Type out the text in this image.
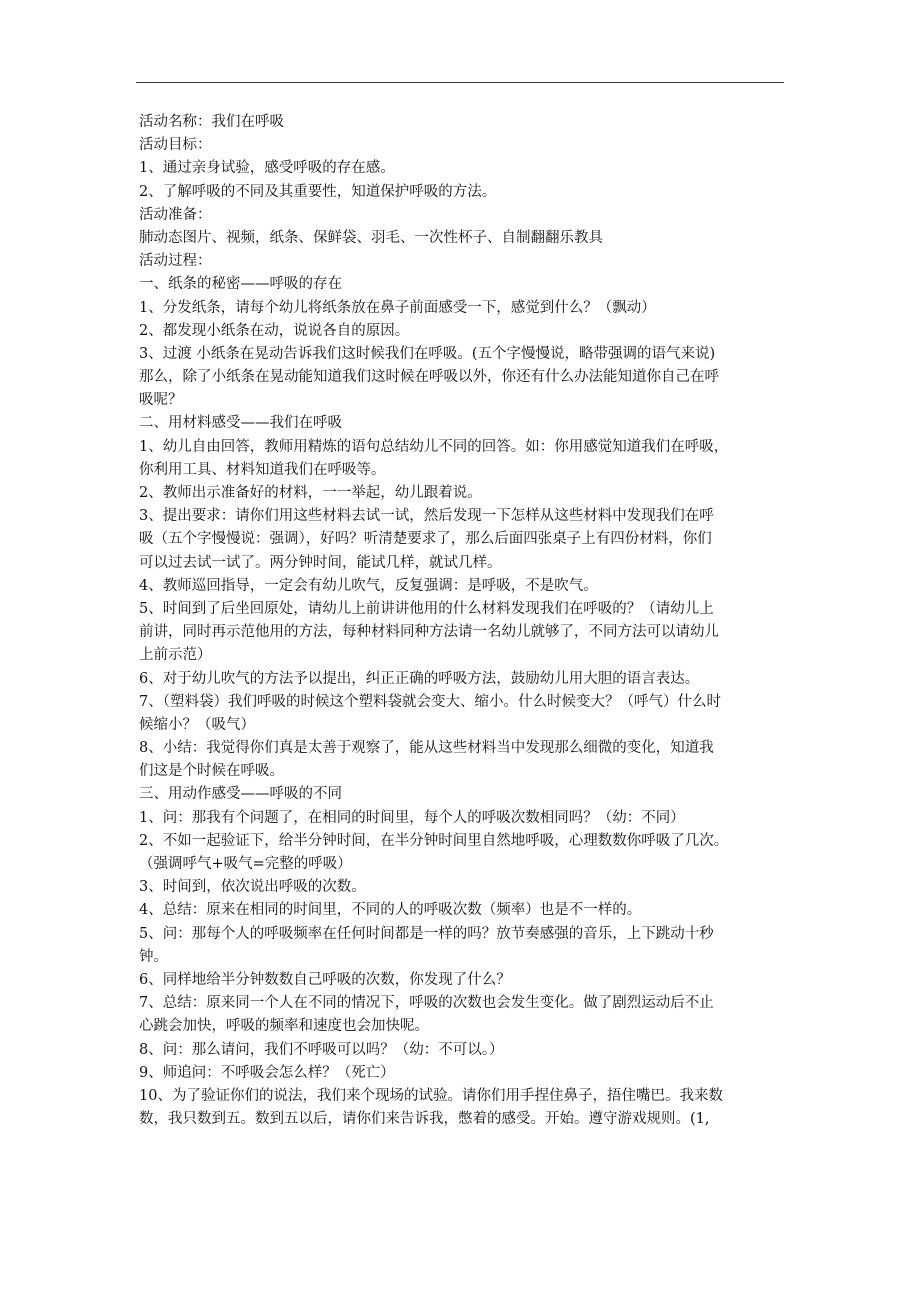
活动名称：我们在呼吸
活动目标：
1、通过亲身试验，感受呼吸的存在感。
2、了解呼吸的不同及其重要性，知道保护呼吸的方法。
活动准备：
肺动态图片、视频，纸条、保鲜袋、羽毛、一次性杯子、自制翻翻乐教具
活动过程：
一、纸条的秘密——呼吸的存在
1、分发纸条，请每个幼儿将纸条放在鼻子前面感受一下，感觉到什么？（飘动）
2、都发现小纸条在动，说说各自的原因。
3、过渡 小纸条在晃动告诉我们这时候我们在呼吸。(五个字慢慢说，略带强调的语气来说)
那么，除了小纸条在晃动能知道我们这时候在呼吸以外，你还有什么办法能知道你自己在呼
吸呢？
二、用材料感受——我们在呼吸
1、幼儿自由回答，教师用精炼的语句总结幼儿不同的回答。如：你用感觉知道我们在呼吸，
你利用工具、材料知道我们在呼吸等。
2、教师出示准备好的材料，一一举起，幼儿跟着说。
3、提出要求：请你们用这些材料去试一试，然后发现一下怎样从这些材料中发现我们在呼
吸（五个字慢慢说：强调），好吗？听清楚要求了，那么后面四张桌子上有四份材料，你们
可以过去试一试了。两分钟时间，能试几样，就试几样。
4、教师巡回指导，一定会有幼儿吹气，反复强调：是呼吸，不是吹气。
5、时间到了后坐回原处，请幼儿上前讲讲他用的什么材料发现我们在呼吸的？（请幼儿上
前讲，同时再示范他用的方法，每种材料同种方法请一名幼儿就够了，不同方法可以请幼儿
上前示范）
6、对于幼儿吹气的方法予以提出，纠正正确的呼吸方法，鼓励幼儿用大胆的语言表达。
7、（塑料袋）我们呼吸的时候这个塑料袋就会变大、缩小。什么时候变大？（呼气）什么时
候缩小？（吸气）
8、小结：我觉得你们真是太善于观察了，能从这些材料当中发现那么细微的变化，知道我
们这是个时候在呼吸。
三、用动作感受——呼吸的不同
1、问：那我有个问题了，在相同的时间里，每个人的呼吸次数相同吗？（幼：不同）
2、不如一起验证下，给半分钟时间，在半分钟时间里自然地呼吸，心理数数你呼吸了几次。
（强调呼气+吸气=完整的呼吸）
3、时间到，依次说出呼吸的次数。
4、总结：原来在相同的时间里，不同的人的呼吸次数（频率）也是不一样的。
5、问：那每个人的呼吸频率在任何时间都是一样的吗？放节奏感强的音乐，上下跳动十秒
钟。
6、同样地给半分钟数数自己呼吸的次数，你发现了什么？
7、总结：原来同一个人在不同的情况下，呼吸的次数也会发生变化。做了剧烈运动后不止
心跳会加快，呼吸的频率和速度也会加快呢。
8、问：那么请问，我们不呼吸可以吗？（幼：不可以。）
9、师追问：不呼吸会怎么样？（死亡）
10、为了验证你们的说法，我们来个现场的试验。请你们用手捏住鼻子，捂住嘴巴。我来数
数，我只数到五。数到五以后，请你们来告诉我，憋着的感受。开始。遵守游戏规则。(1,
